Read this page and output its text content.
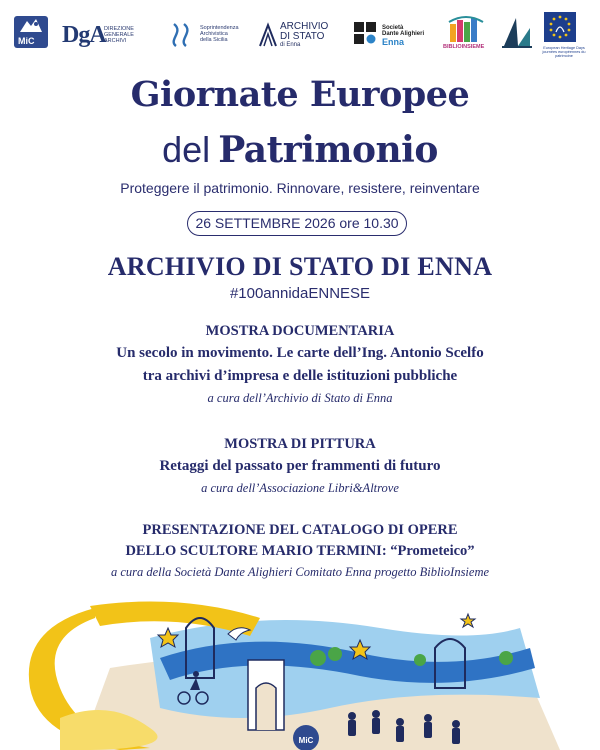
MiC DgA
DIREZIONE
GENERALE
ARCHIVI
Soprintendenza
Archivistica
della Sicilia
ARCHIVIO
DI STATO
di Enna
Società
Dante Alighieri
Enna
BIBLIOINSIEME	European Heritage Days journées européennes du patrimoine
Giornate Europee
del Patrimonio

Proteggere il patrimonio. Rinnovare, resistere, reinventare

26 SETTEMBRE 2026 ore 10.30
ARCHIVIO DI STATO DI ENNA

#100annidaENNESE

MOSTRA DOCUMENTARIA
Un secolo in movimento. Le carte dell’Ing. Antonio Scelfo
tra archivi d’impresa e delle istituzioni pubbliche
a cura dell’Archivio di Stato di Enna
MOSTRA DI PITTURA
Retaggi del passato per frammenti di futuro
a cura dell’Associazione Libri&Altrove
PRESENTAZIONE DEL CATALOGO DI OPERE
DELLO SCULTORE MARIO TERMINI: “Prometeico”
a cura della Società Dante Alighieri Comitato Enna progetto BiblioInsieme
MiC
